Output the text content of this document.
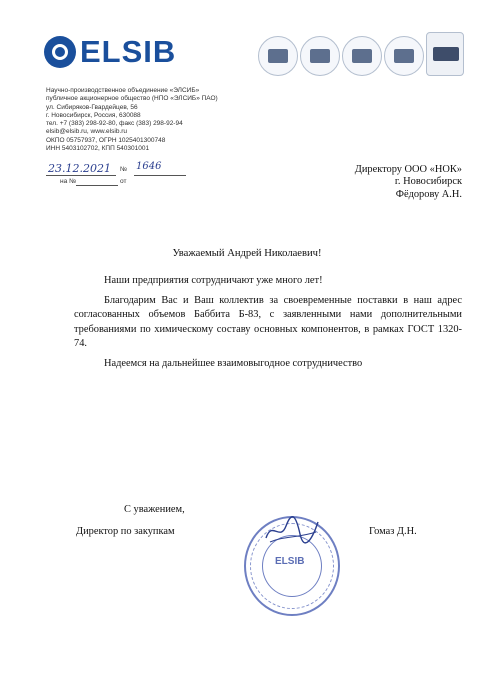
ELSIB
Научно-производственное объединение «ЭЛСИБ»
публичное акционерное общество (НПО «ЭЛСИБ» ПАО)
ул. Сибиряков-Гвардейцев, 56
г. Новосибирск, Россия, 630088
тел. +7 (383) 298-92-80, факс (383) 298-92-94
elsib@elsib.ru, www.elsib.ru
ОКПО 05757937, ОГРН 1025401300748
ИНН 5403102702, КПП 540301001
23.12.2021 № 1646
на №	от
Директору ООО «НОК»
г. Новосибирск
Фёдорову А.Н.
Уважаемый Андрей Николаевич!

Наши предприятия сотрудничают уже много лет!

Благодарим Вас и Ваш коллектив за своевременные поставки в наш адрес согласованных объемов Баббита Б-83, с заявленными нами дополнительными требованиями по химическому составу основных компонентов, в рамках ГОСТ 1320-74.

Надеемся на дальнейшее взаимовыгодное сотрудничество

С уважением,
Директор по закупкам	Гомаз Д.Н.
ELSIB
